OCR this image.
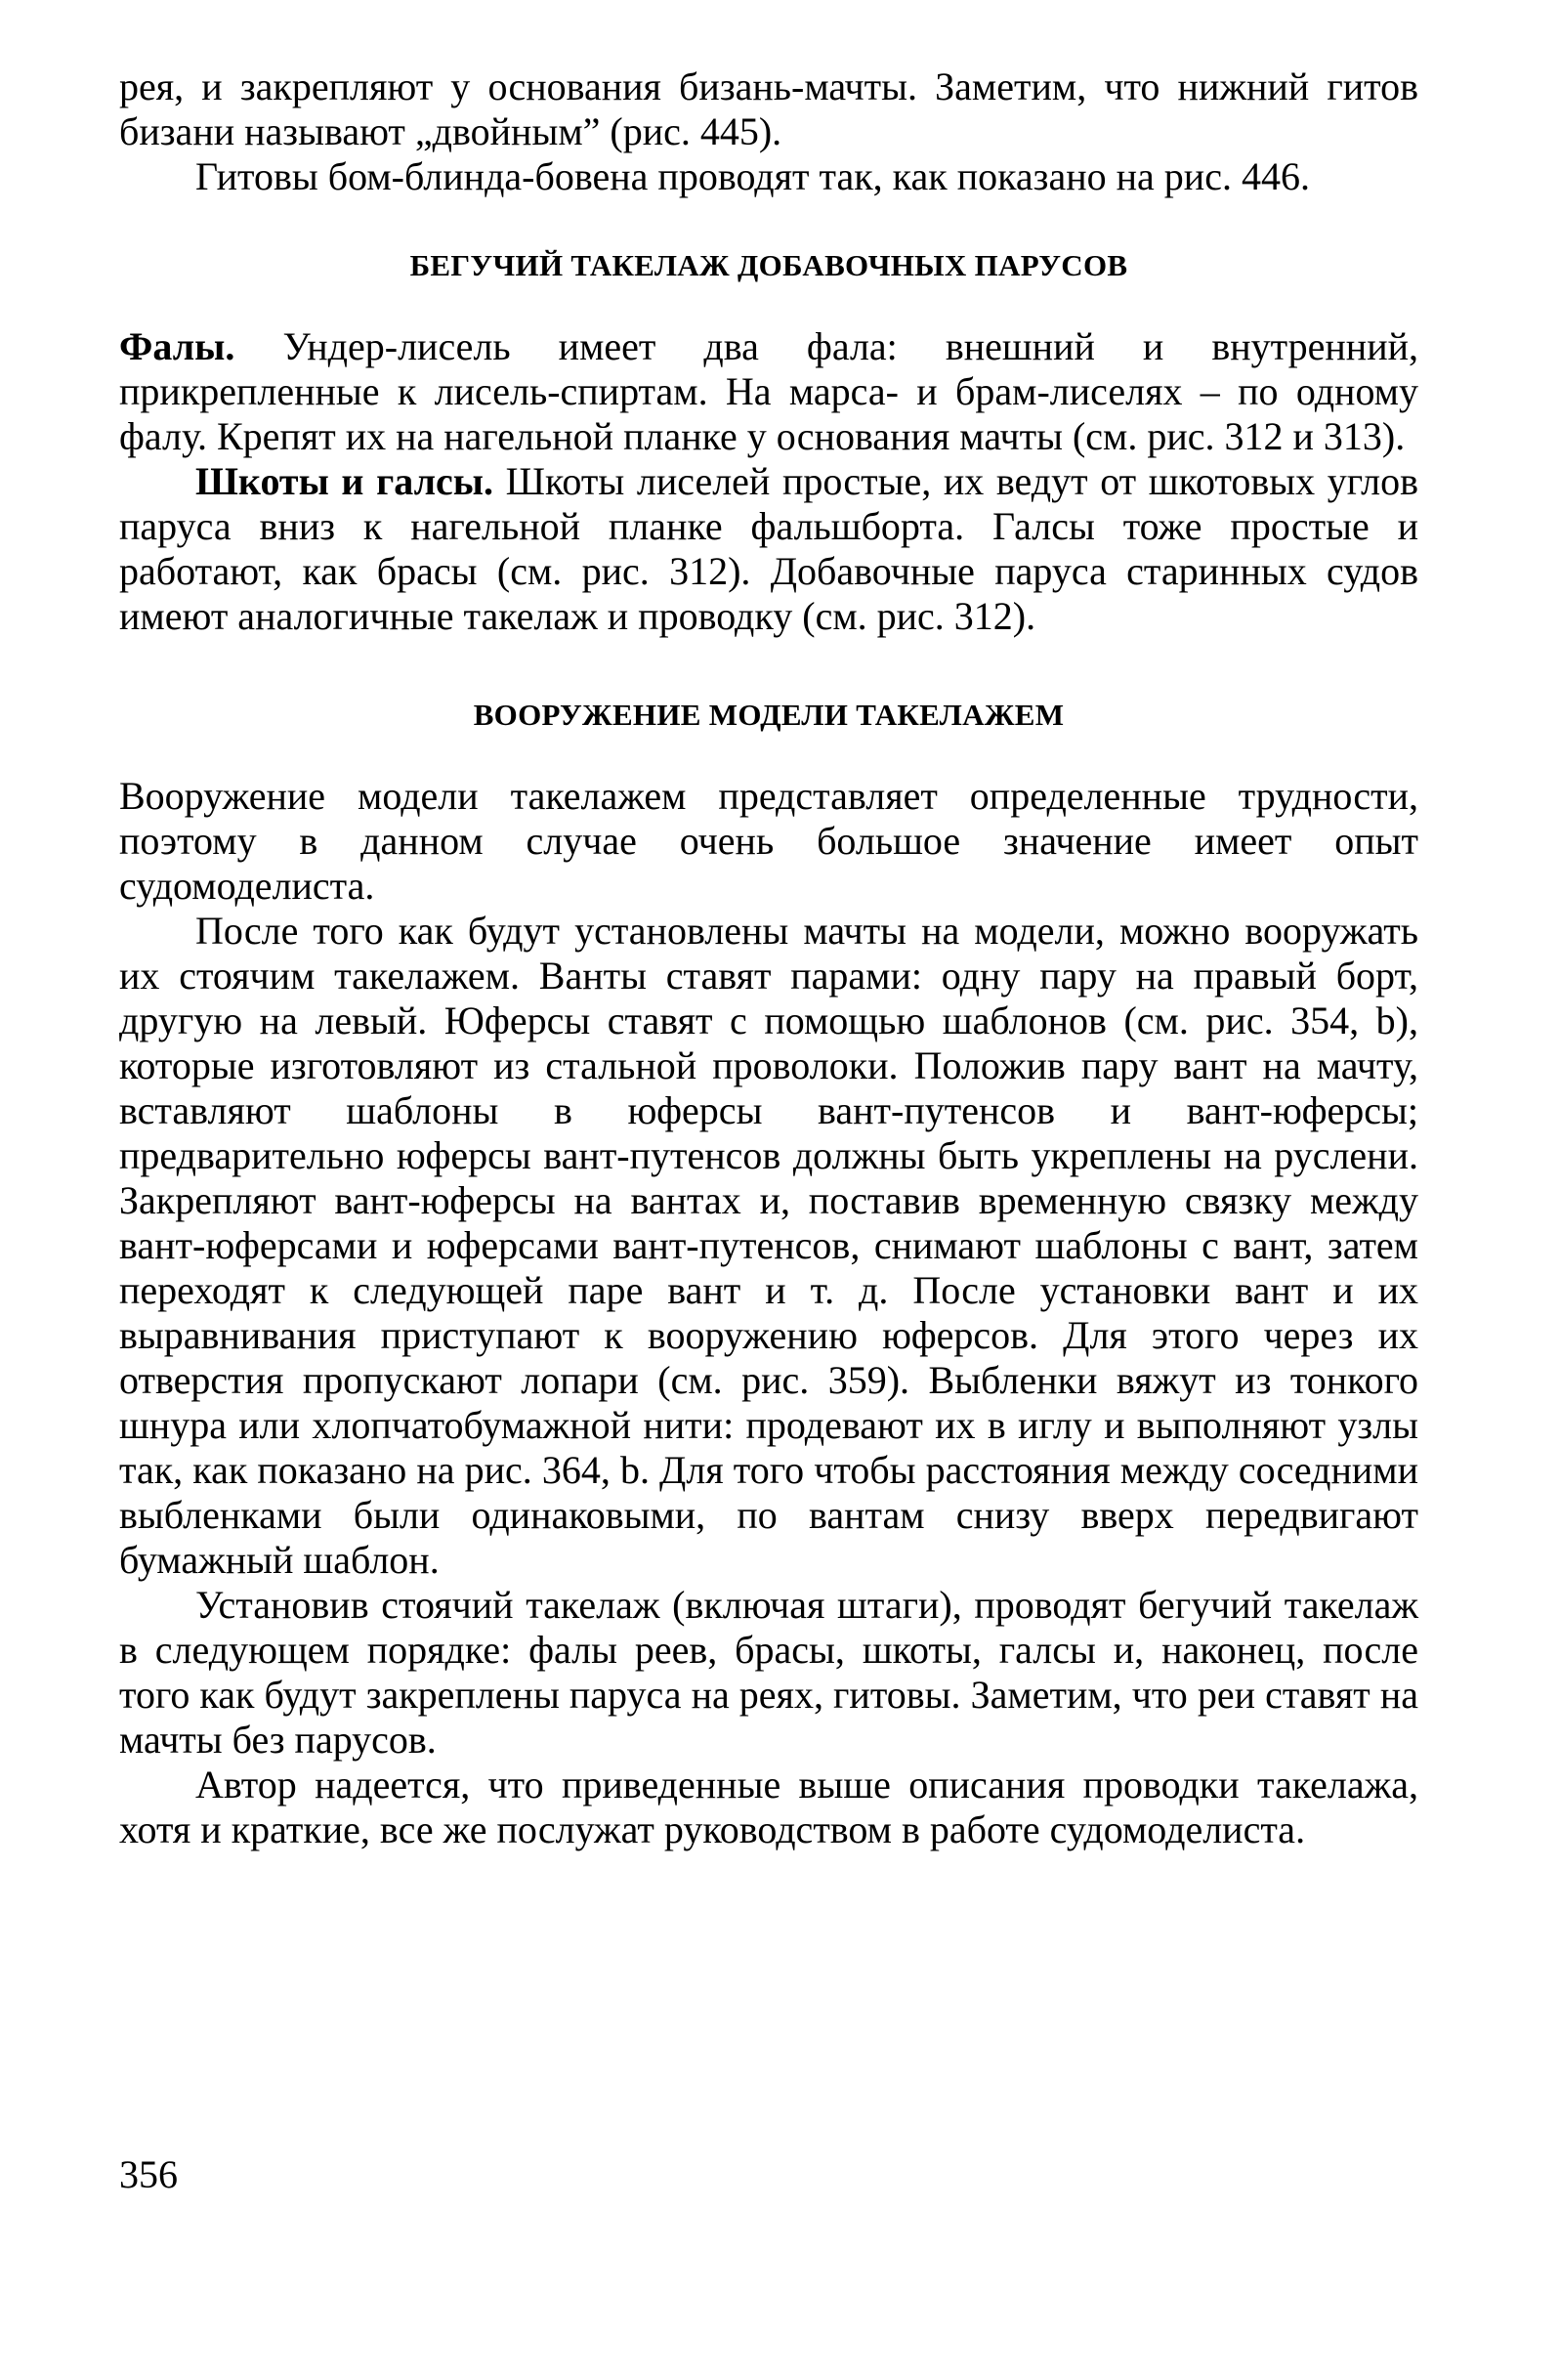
рея, и закрепляют у основания бизань-мачты. Заметим, что нижний гитов бизани называют „двойным” (рис. 445).

Гитовы бом-блинда-бовена проводят так, как показано на рис. 446.

БЕГУЧИЙ ТАКЕЛАЖ ДОБАВОЧНЫХ ПАРУСОВ

Фалы. Ундер-лисель имеет два фала: внешний и внутренний, прикрепленные к лисель-спиртам. На марса- и брам-лиселях – по одному фалу. Крепят их на нагельной планке у основания мачты (см. рис. 312 и 313).

Шкоты и галсы. Шкоты лиселей простые, их ведут от шкотовых углов паруса вниз к нагельной планке фальшборта. Галсы тоже простые и работают, как брасы (см. рис. 312). Добавочные паруса старинных судов имеют аналогичные такелаж и проводку (см. рис. 312).

ВООРУЖЕНИЕ МОДЕЛИ ТАКЕЛАЖЕМ

Вооружение модели такелажем представляет определенные трудности, поэтому в данном случае очень большое значение имеет опыт судомоделиста.

После того как будут установлены мачты на модели, можно вооружать их стоячим такелажем. Ванты ставят парами: одну пару на правый борт, другую на левый. Юферсы ставят с помощью шаблонов (см. рис. 354, b), которые изготовляют из стальной проволоки. Положив пару вант на мачту, вставляют шаблоны в юферсы вант-путенсов и вант-юферсы; предварительно юферсы вант-путенсов должны быть укреплены на руслени. Закрепляют вант-юферсы на вантах и, поставив временную связку между вант-юферсами и юферсами вант-путенсов, снимают шаблоны с вант, затем переходят к следующей паре вант и т. д. После установки вант и их выравнивания приступают к вооружению юферсов. Для этого через их отверстия пропускают лопари (см. рис. 359). Выбленки вяжут из тонкого шнура или хлопчатобумажной нити: продевают их в иглу и выполняют узлы так, как показано на рис. 364, b. Для того чтобы расстояния между соседними выбленками были одинаковыми, по вантам снизу вверх передвигают бумажный шаблон.

Установив стоячий такелаж (включая штаги), проводят бегучий такелаж в следующем порядке: фалы реев, брасы, шкоты, галсы и, наконец, после того как будут закреплены паруса на реях, гитовы. Заметим, что реи ставят на мачты без парусов.

Автор надеется, что приведенные выше описания проводки такелажа, хотя и краткие, все же послужат руководством в работе судомоделиста.

356
